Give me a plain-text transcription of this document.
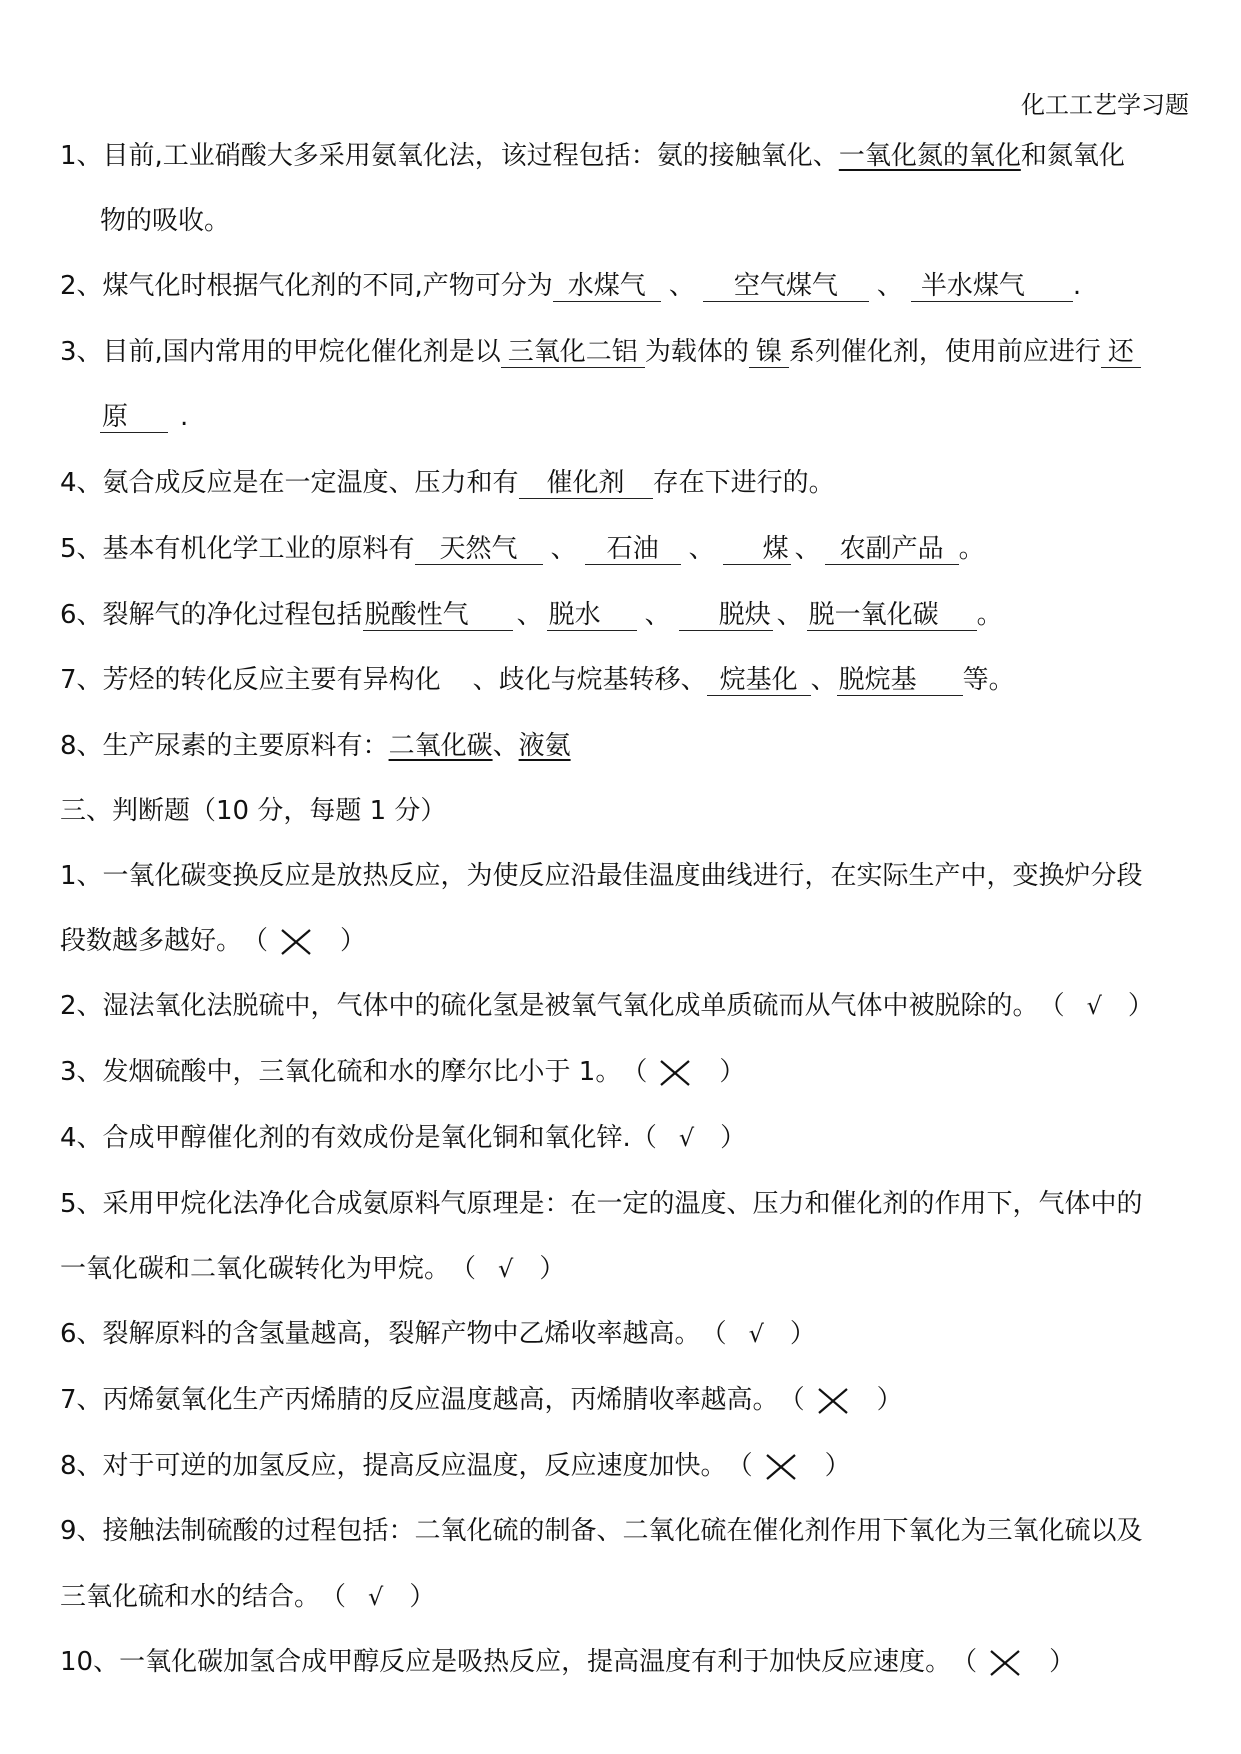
化工工艺学习题
1、目前,工业硝酸大多采用氨氧化法，该过程包括：氨的接触氧化、一氧化氮的氧化和氮氧化
物的吸收。
2、煤气化时根据气化剂的不同,产物可分为 水煤气 、 空气煤气 、 半水煤气 .
3、目前,国内常用的甲烷化催化剂是以 三氧化二铝 为载体的 镍 系列催化剂，使用前应进行 还
原 .
4、氨合成反应是在一定温度、压力和有 催化剂 存在下进行的。
5、基本有机化学工业的原料有 天然气 、 石油 、 煤 、 农副产品 。
6、裂解气的净化过程包括脱酸性气 、 脱水 、 脱炔 、 脱一氧化碳 。
7、芳烃的转化反应主要有异构化 、歧化与烷基转移、 烷基化 、脱烷基 等。
8、生产尿素的主要原料有：二氧化碳、液氨
三、判断题（10 分，每题 1 分）
1、一氧化碳变换反应是放热反应，为使反应沿最佳温度曲线进行，在实际生产中，变换炉分段
段数越多越好。（	）
2、湿法氧化法脱硫中，气体中的硫化氢是被氧气氧化成单质硫而从气体中被脱除的。（ √ ）
3、发烟硫酸中，三氧化硫和水的摩尔比小于 1。（	）
4、合成甲醇催化剂的有效成份是氧化铜和氧化锌.（ √ ）
5、采用甲烷化法净化合成氨原料气原理是：在一定的温度、压力和催化剂的作用下，气体中的
一氧化碳和二氧化碳转化为甲烷。（ √ ）
6、裂解原料的含氢量越高，裂解产物中乙烯收率越高。（ √ ）
7、丙烯氨氧化生产丙烯腈的反应温度越高，丙烯腈收率越高。（	）
8、对于可逆的加氢反应，提高反应温度，反应速度加快。（	）
9、接触法制硫酸的过程包括：二氧化硫的制备、二氧化硫在催化剂作用下氧化为三氧化硫以及
三氧化硫和水的结合。（ √ ）
10、一氧化碳加氢合成甲醇反应是吸热反应，提高温度有利于加快反应速度。（	）
